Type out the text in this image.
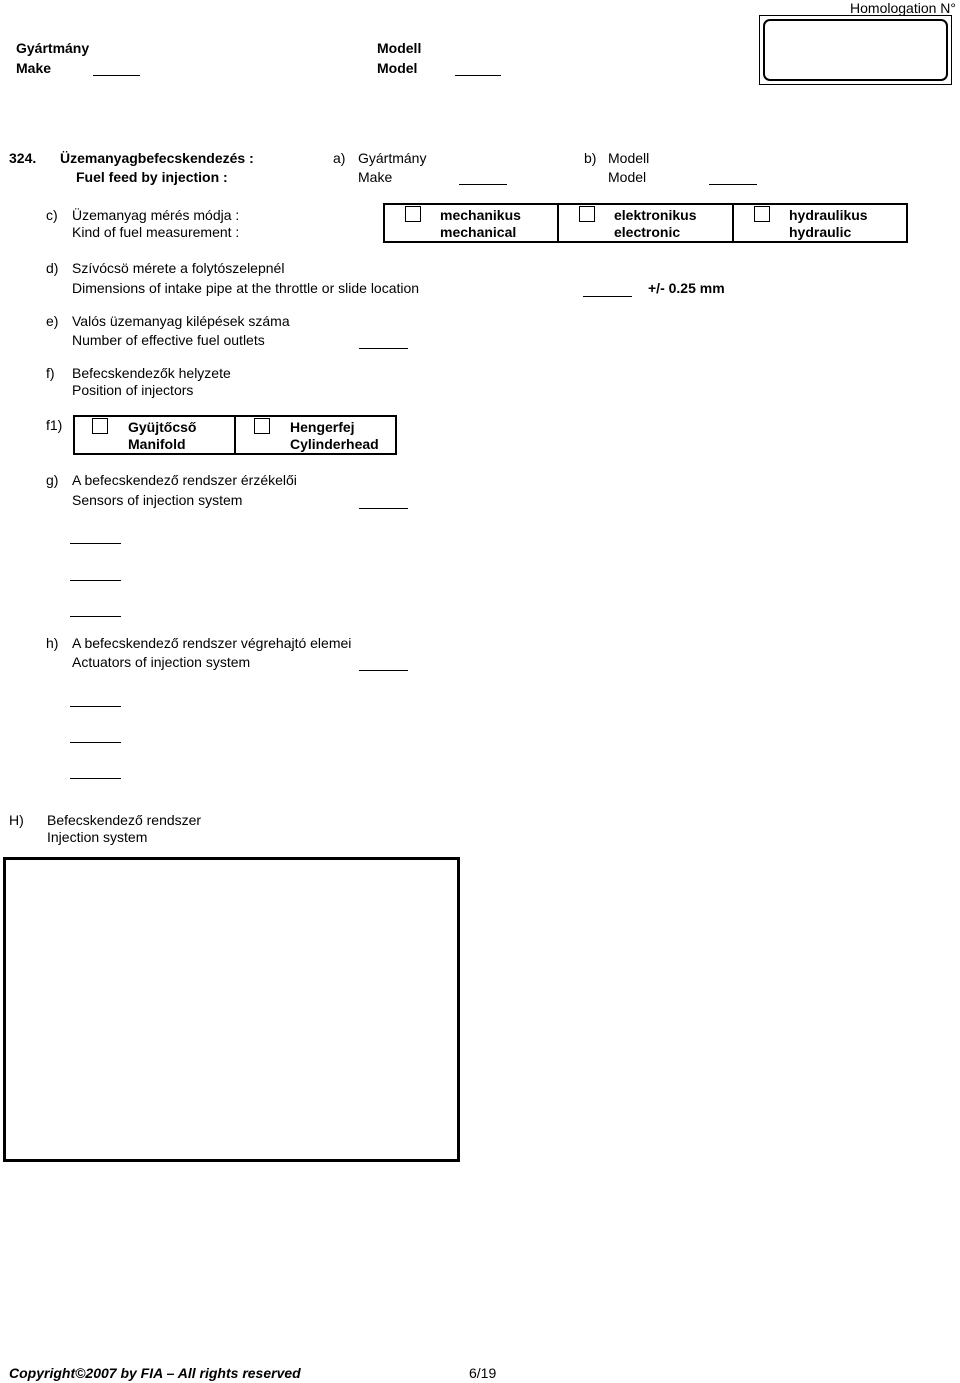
Homologation N°
Gyártmány
Make
Modell
Model
324. Üzemanyagbefecskendezés :
Fuel feed by injection :
a) Gyártmány
Make
b) Modell
Model
c) Üzemanyag mérés módja :
Kind of fuel measurement :
mechanikus
mechanical
elektronikus
electronic
hydraulikus
hydraulic
d) Szívócsö mérete a folytószelepnél
Dimensions of intake pipe at the throttle or slide location	+/- 0.25 mm
e) Valós üzemanyag kilépések száma
Number of effective fuel outlets
f) Befecskendezők helyzete
Position of injectors
f1)	Gyüjtőcső
Manifold
Hengerfej
Cylinderhead
g) A befecskendező rendszer érzékelői
Sensors of injection system
h) A befecskendező rendszer végrehajtó elemei
Actuators of injection system
H) Befecskendező rendszer
Injection system
Copyright©2007 by FIA – All rights reserved	6/19
